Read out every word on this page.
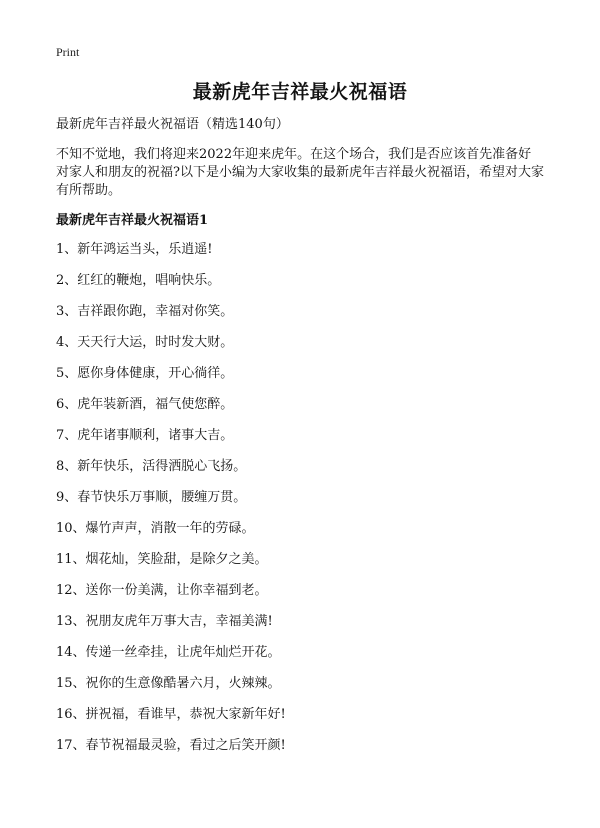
Print
最新虎年吉祥最火祝福语

最新虎年吉祥最火祝福语（精选140句）

不知不觉地，我们将迎来2022年迎来虎年。在这个场合，我们是否应该首先准备好对家人和朋友的祝福?以下是小编为大家收集的最新虎年吉祥最火祝福语，希望对大家有所帮助。

最新虎年吉祥最火祝福语1
1、新年鸿运当头，乐逍遥!
2、红红的鞭炮，唱响快乐。
3、吉祥跟你跑，幸福对你笑。
4、天天行大运，时时发大财。
5、愿你身体健康，开心徜徉。
6、虎年装新酒，福气使您醉。
7、虎年诸事顺利，诸事大吉。
8、新年快乐，活得洒脱心飞扬。
9、春节快乐万事顺，腰缠万贯。
10、爆竹声声，消散一年的劳碌。
11、烟花灿，笑脸甜，是除夕之美。
12、送你一份美满，让你幸福到老。
13、祝朋友虎年万事大吉，幸福美满!
14、传递一丝牵挂，让虎年灿烂开花。
15、祝你的生意像酷暑六月，火辣辣。
16、拼祝福，看谁早，恭祝大家新年好!
17、春节祝福最灵验，看过之后笑开颜!
